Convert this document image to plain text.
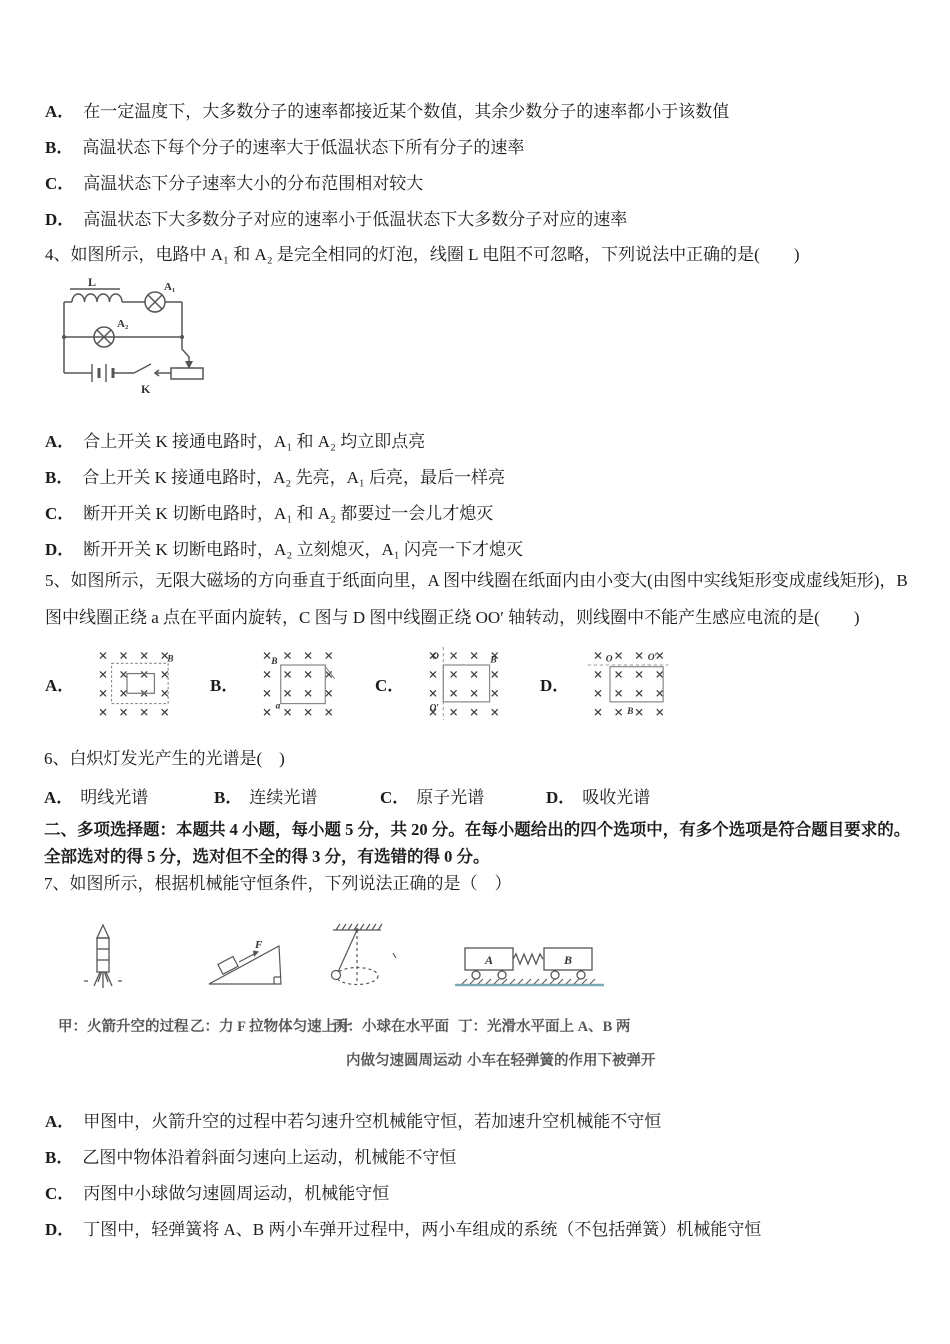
A． 在一定温度下，大多数分子的速率都接近某个数值，其余少数分子的速率都小于该数值
B． 高温状态下每个分子的速率大于低温状态下所有分子的速率
C． 高温状态下分子速率大小的分布范围相对较大
D． 高温状态下大多数分子对应的速率小于低温状态下大多数分子对应的速率
4、如图所示，电路中 A₁ 和 A₂ 是完全相同的灯泡，线圈 L 电阻不可忽略，下列说法中正确的是(　　)
L	A₁
A₂
K
A． 合上开关 K 接通电路时，A₁ 和 A₂ 均立即点亮
B． 合上开关 K 接通电路时，A₂ 先亮，A₁ 后亮，最后一样亮
C． 断开开关 K 切断电路时，A₁ 和 A₂ 都要过一会儿才熄灭
D． 断开开关 K 切断电路时，A₂ 立刻熄灭，A₁ 闪亮一下才熄灭
5、如图所示，无限大磁场的方向垂直于纸面向里，A 图中线圈在纸面内由小变大(由图中实线矩形变成虚线矩形)，B 图中线圈正绕 a 点在平面内旋转，C 图与 D 图中线圈正绕 OO′ 轴转动，则线圈中不能产生感应电流的是(　　)
A．
B
B．
B
a
C．
O
O′
B
D．
O	O′
B
6、白炽灯发光产生的光谱是(　)
A． 明线光谱	B． 连续光谱	C． 原子光谱	D． 吸收光谱
二、多项选择题：本题共 4 小题，每小题 5 分，共 20 分。在每小题给出的四个选项中，有多个选项是符合题目要求的。
全部选对的得 5 分，选对但不全的得 3 分，有选错的得 0 分。
7、如图所示，根据机械能守恒条件，下列说法正确的是（　）
F
A	B
甲：火箭升空的过程 乙：力 F 拉物体匀速上升
丙：小球在水平面 丁：光滑水平面上 A、B 两
内做匀速圆周运动 小车在轻弹簧的作用下被弹开
A． 甲图中，火箭升空的过程中若匀速升空机械能守恒，若加速升空机械能不守恒
B． 乙图中物体沿着斜面匀速向上运动，机械能不守恒
C． 丙图中小球做匀速圆周运动，机械能守恒
D． 丁图中，轻弹簧将 A、B 两小车弹开过程中，两小车组成的系统（不包括弹簧）机械能守恒
